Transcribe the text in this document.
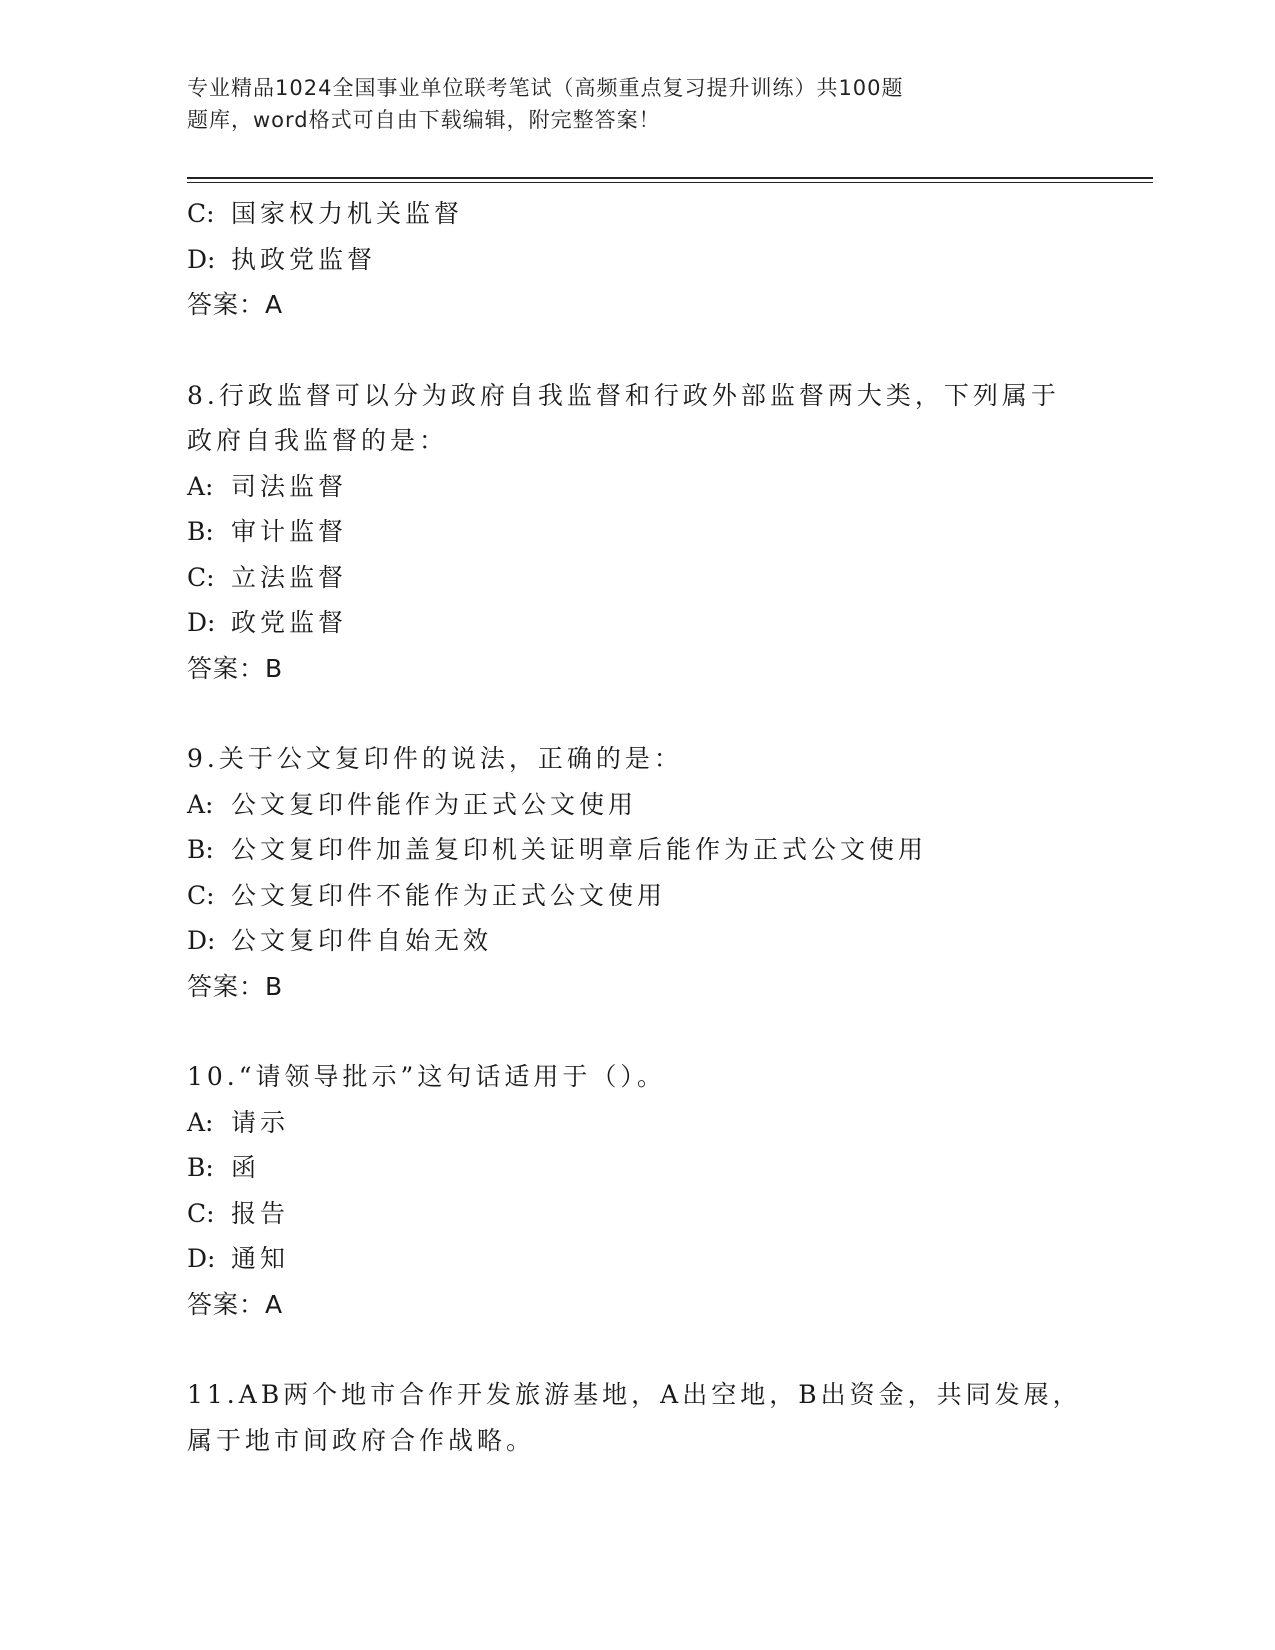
专业精品1024全国事业单位联考笔试（高频重点复习提升训练）共100题
题库，word格式可自由下载编辑，附完整答案！
C: 国家权力机关监督
D: 执政党监督
答案：A
8.行政监督可以分为政府自我监督和行政外部监督两大类，下列属于
政府自我监督的是：
A: 司法监督
B: 审计监督
C: 立法监督
D: 政党监督
答案：B
9.关于公文复印件的说法，正确的是：
A: 公文复印件能作为正式公文使用
B: 公文复印件加盖复印机关证明章后能作为正式公文使用
C: 公文复印件不能作为正式公文使用
D: 公文复印件自始无效
答案：B
10.“请领导批示”这句话适用于（）。
A: 请示
B: 函
C: 报告
D: 通知
答案：A
11.AB两个地市合作开发旅游基地，A出空地，B出资金，共同发展，
属于地市间政府合作战略。
